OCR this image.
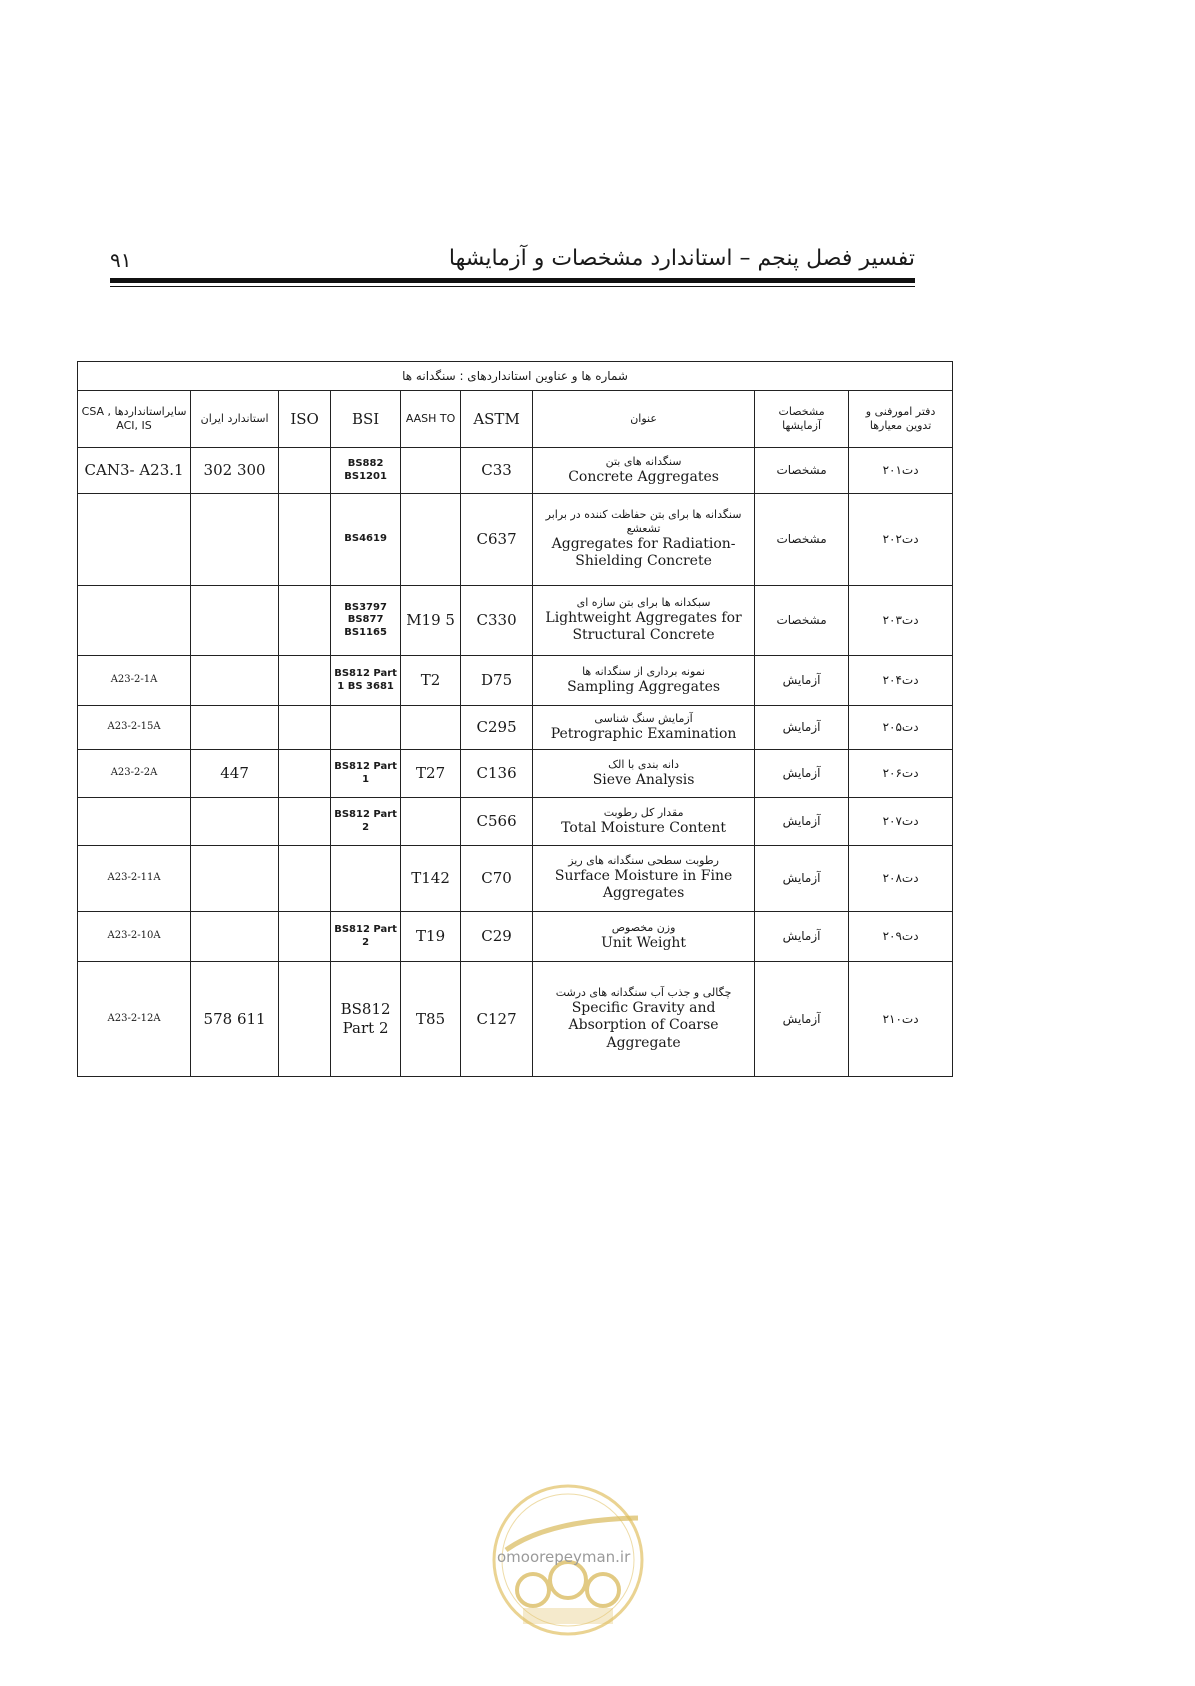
۹۱	تفسیر فصل پنجم – استاندارد مشخصات و آزمایشها
شماره ها و عناوین استانداردهای : سنگدانه ها								
دفتر امورفنی و تدوین معیارها	مشخصات آزمایشها	عنوان	ASTM	AASH TO	BSI	ISO	استاندارد ایران	سایراستانداردها CSA , ACI, IS
دت۲۰۱	مشخصات	سنگدانه های بتن
Concrete Aggregates	C33		BS882 BS1201		300 302	CAN3- A23.1
دت۲۰۲	مشخصات	سنگدانه ها برای بتن حفاظت کننده در برابر تشعشع
Aggregates for Radiation-Shielding Concrete	C637		BS4619			
دت۲۰۳	مشخصات	سبکدانه ها برای بتن سازه ای
Lightweight Aggregates for Structural Concrete	C330	M19 5	BS3797 BS877 BS1165			
دت۲۰۴	آزمایش	نمونه برداری از سنگدانه ها
Sampling Aggregates	D75	T2	BS812 Part 1 BS 3681			A23-2-1A
دت۲۰۵	آزمایش	آزمایش سنگ شناسی
Petrographic Examination	C295					A23-2-15A
دت۲۰۶	آزمایش	دانه بندی با الک
Sieve Analysis	C136	T27	BS812 Part 1		447	A23-2-2A
دت۲۰۷	آزمایش	مقدار کل رطوبت
Total Moisture Content	C566		BS812 Part 2			
دت۲۰۸	آزمایش	رطوبت سطحی سنگدانه های ریز
Surface Moisture in Fine Aggregates	C70	T142				A23-2-11A
دت۲۰۹	آزمایش	وزن مخصوص
Unit Weight	C29	T19	BS812 Part 2			A23-2-10A
دت۲۱۰	آزمایش	چگالی و جذب آب سنگدانه های درشت
Specific Gravity and Absorption of Coarse Aggregate	C127	T85	BS812 Part 2		611 578	A23-2-12A
omoorepeyman.ir
